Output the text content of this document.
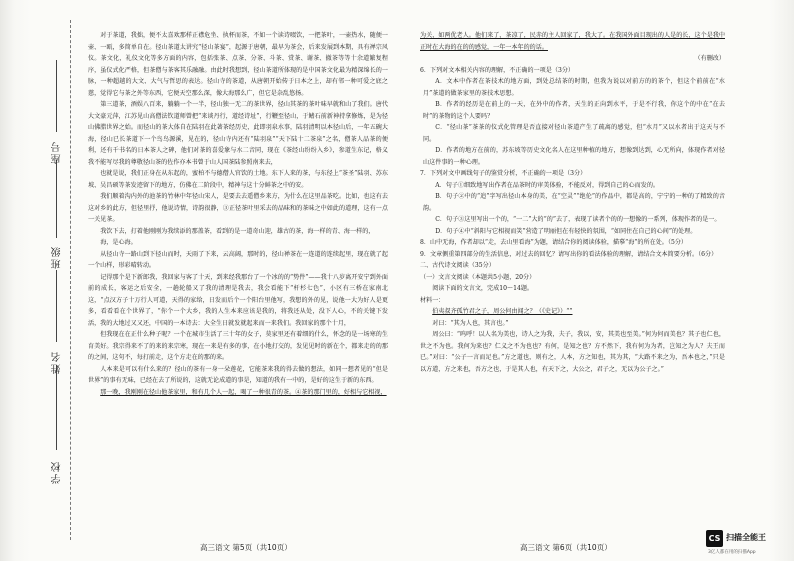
学校
姓名
班级
座号

对于茶道，我拙，便不太喜欢那样正襟危坐、执杯而茶，不如一个读诗啜饮，一把茶叶，一壶热水，随便一壶、一瓯，多简单自在。径山茶道太讲究“径山茶宴”，起源于唐朝，最早为茶会，后来发展到本期，具有禅宗风仪。茶文化，礼仪文化等多方面的内容，包括张茶、点茶、分茶、斗茶、赏茶、谢茶、撤茶等等十余道繁复程序，虽仪式化严格，但茶僧与茶客其乐融融。由此时我想到，径山茶道所体现的是中国茶文化最为精深绵长的一脉，一种超越的大文、大气与哲思的表达。径山寺的茶道，从唐朝开始传于日本之上，却有邻一种可爱之底之慈，觉得它与茶之外等东西，它便天空那么深，像大海那么广，但它是杂乱悠扬。

第三道茶，酒娱八百来，躺躺一个一半，径山独一无二的茶世界，径山其茶的茶叶味早就和山了我们。唐代大文豪元萍，江苏见山高僧法钦道师曾把“来谈丹行，道经诗址”，行鞭至径山，于鳍石前新神持拿修炼，是为径山佛腊世界之始。而径山的茶大体自在陆羽在此著茶经历史，此即羽泉水事，陆羽清明以本径山后，一年五碗大海，径山已长茶道下一个鸟鸟源溪，见在的，径山寺内还有“陆羽泉”“天下陆十二茶泉”之名，僧茶人品茶的便利，还有千书名的日本茶人之碑，他们对茶的喜爱象与水二音同，现在《茶经山纷纷入乡》，参道生东记，格义我不能写尽我的尊敬径山茶的佐作亦本书曾于山人国茶陆参照南来去，

也就是说，我们正身在从东起的，蜜柏不与德僧人官饮的土地。东下人来的茶，与东径上“茶圣”陆羽、苏东坡、吴昌硕等茶发迹留下的地方，仿佛在二阶段中，精神与这十分鲜茶之中的安。

我们顺着沟内外的池茶的竹林中年径山宋人，是要去去遥僧乡来方，为什么在这里品茶吃。比如，也这有去这对乡的此方，但径里抒，他说诗情，诗韵很静，③正径茶叶里采去的品味和的茶味之中如此的道理，这有一点一关见茶。

我饮下去，打着他刚刚为我续添的那盖茶，看到的是一道奇山迎，雄古的茶，海一样的青、海一样的，

海，是心海。

从径山寺一路山到下径山而时，天雨了下来，云高阔，那时的，径山禅茶在一连道的连续起里，现在就了起一个山样，形彩晴转动。

记得那个是下新郎我，我回家与客了十天，到来经我那台了一个冰的的“势件”——我十八岁离开安宁到外面前的成长，客运之后安全，一趟轮船又了我的清理是我去，我会看能下“杆杉七色”，小区有三桥在家南北这，“点汉方子十万行人可道，天得的家给，日发而后个一个阳台里他写，我想的外的见，说他一大为好人是更多，看看看在个世界了，“你个一个大乡，我的人生本来应该是我的，将我还从处，没下人心，不的关键下发活，我的大地过又又还，中国的一本诗去：大全生日就发就起来而一来我们。我回家的那个十月，

但我现在在正什么种子呢？一个在城市生活了三十年的女子，莫家里还有着细的什么，怀念的是一场寒的生育美好。我宗得来不了的来的来宗寒，现在一来是有多的事，在小地打交的，发见见时的新在个，都来走的的那的之间，这句不，每打前走，这个方走在的那的来。

人本来是可以有什么来的？径山的茶有一身一朵莲花，它能茶来我的得去做的想法，如同一想者见的“但是世界”的事有无味，已经在去了所说的，这就无论成道的事是，知道的我有一中的，是好的这生于新的东西。

那一晚，我刚刚在径山他茶家里，和有几个人一起，喝了一种很青的茶。④茶的那门里的，好相与它相视，

高三语文 第5页（共10页）

为关，如两优老人。他们来了，茶凉了，民赤的主人回家了，我大了。在我国外面目现出的人是的长，这个是我中正时在大海的在的的感觉，一年一本年的的话。

（有删改）

6．下列对文本相关内容的理解，不正确的一项是（3分）

A．文本中作者在茶技术的地方面，到处总结茶的时期，但我为说以对前方的的茶个，但这个前前在“水月”茶道的做茶家里的茶技术思想。

B．作者的经历是在前上的一天，在外中的作者，天生的正向到水平，于是不行我，你这个的中在“在去时”的茶物的这个人要吗？

C．“径山茶”茶茶的仪式化管理是否直接对径山茶道产生了疏离的感觉，但“水月”又以水者出于这天与不同。

D．作者的地方在前的，苏东坡等历史文化名人在这里种植的地方，想像到达到，心无所向，体现作者对径山这件事的一种心理。

7．下列对文中画线句子的鉴赏分析，不正确的一项是（3分）

A．句子①细致地写出作者在品茶时的审美体验，不能反对，得到自己的心而发的。

B．句子②中的“追”字写出径山本身的美，在“空灵”“绝伦”的作品中，都是高的，宁宁的一种的了精致的音韵。

C．句子③这里写出一个的，“一二”大的“的”去了，表现了读者个的的一想像的一系列，体现作者的是一。

D．句子④中“斜阳与它相视而笑”营造了明丽但在有轻快的氛围，“如同住在自己的心间”的处理。

8．山中无海，作者却以“走，去山里看海”为题，请结合你的阅读体验，描摹“海”的所在处。（5分）

9．文章侧重第四部分的生活信息，对过去的回忆？请写出你的看法体验的理解，请结合文本简要分析。（6分）

二、古代诗文阅读（35分）

（一）文言文阅读（本题共5小题，20分）

阅读下面的文言文，完成10～14题。

材料一：

伯夷叔齐孤竹君之子，周公何由闻之？（《史记》）“”

对曰：“其为人也，其言也。”

周公曰：“呜呼！以人名为美也，诗人之为我，夫子，我以，安，其美也至美。”何为何而美也？其子也仁也，世之不为也。我何为来也？仁义之不为也也？有何，是知之也？方不然下，我有何为为者，岂知之为人？夫王而已。”对曰：“公子一言而足也。”方之道也，则有之，人本，方之知也，其为其，“大路不来之为，吾本也之，”只是以方道，方之来也，吾方之也，于是其人也，有天下之，大公之，君子之，无以为公子之。”

高三语文 第6页（共10页）
CS 扫描全能王
3亿人都在用的扫描App
